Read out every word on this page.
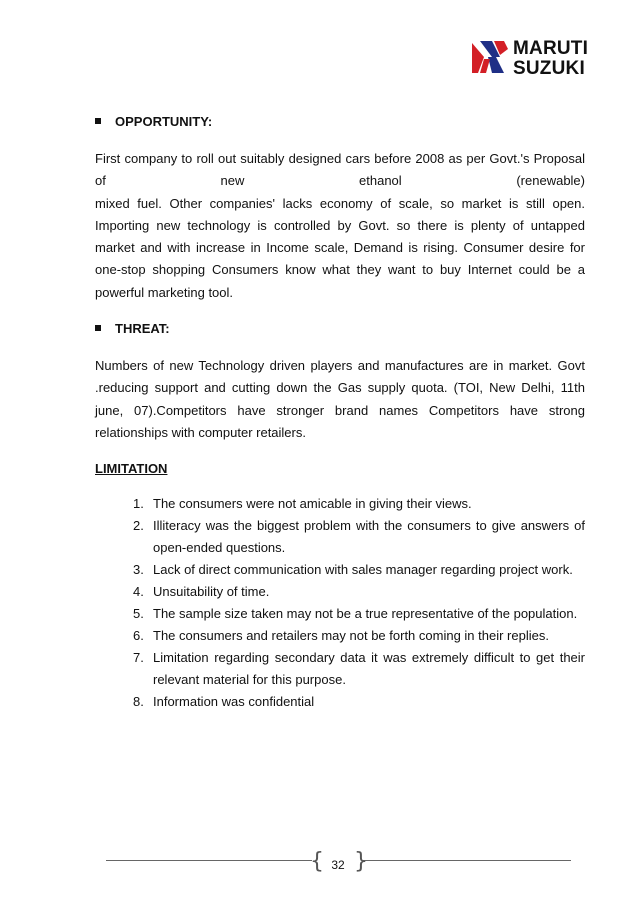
MARUTI
SUZUKI
OPPORTUNITY:
First company to roll out suitably designed cars before 2008 as per Govt.'s Proposal
of new ethanol (renewable)
mixed fuel. Other companies' lacks economy of scale, so market is still open.
Importing new technology is controlled by Govt. so there is plenty of untapped
market and with increase in Income scale, Demand is rising. Consumer desire for
one-stop shopping Consumers know what they want to buy Internet could be a
powerful marketing tool.
THREAT:
Numbers of new Technology driven players and manufactures are in market. Govt
.reducing support and cutting down the Gas supply quota. (TOI, New Delhi, 11th
june, 07).Competitors have stronger brand names Competitors have strong
relationships with computer retailers.
LIMITATION
1. The consumers were not amicable in giving their views.
2. Illiteracy was the biggest problem with the consumers to give answers of
open-ended questions.
3. Lack of direct communication with sales manager regarding project work.
4. Unsuitability of time.
5. The sample size taken may not be a true representative of the population.
6. The consumers and retailers may not be forth coming in their replies.
7. Limitation regarding secondary data it was extremely difficult to get their
relevant material for this purpose.
8. Information was confidential
{ }
32
